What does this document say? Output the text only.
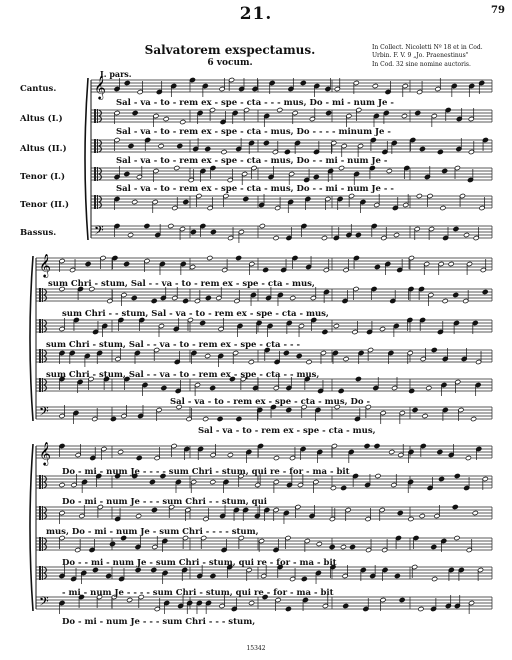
79
21.
Salvatorem exspectamus.
6 vocum.
In Collect. Nicoletti Nº 18 et in Cod.
Urbin. F. V. 9 „Jo. Praenestinus"
In Cod. 32 sine nomine auctoris.
I. pars.
Cantus.
Altus (I.)
Altus (II.)
Tenor (I.)
Tenor (II.)
Bassus.
𝄞
𝄢
𝄞
𝄢
𝄞
𝄢
Sal - va - to - rem ex - spe - cta - - - mus, Do - mi - num Je -
Sal - va - to - rem ex - spe - cta - mus, Do - - - - minum Je -
Sal - va - to - rem ex - spe - cta - mus, Do - - mi - num Je -
Sal - va - to - rem ex - spe - cta - mus, Do - - mi - num Je - -
sum Chri - stum, Sal - - va - to - rem ex - spe - cta - mus,
sum Chri - - stum, Sal - va - to - rem ex - spe - cta - mus,
sum Chri - stum, Sal - - va - to - rem ex - spe - cta - - -
sum Chri - stum, Sal - - va - to - rem ex - spe - cta - - mus,
Sal - va - to - rem ex - spe - cta - mus, Do -
Sal - va - to - rem ex - spe - cta - mus,
Do - mi - num Je - - - - sum Chri - stum, qui re - for - ma - bit
Do - mi - num Je - - - sum Chri - - stum, qui
mus, Do - mi - num Je - sum Chri - - - - stum,
Do - - mi - num Je - sum Chri - stum, qui re - for - ma - bit
- mi - num Je - - - - sum Chri - stum, qui re - for - ma - bit
Do - mi - num Je - - - sum Chri - - - stum,
15342
